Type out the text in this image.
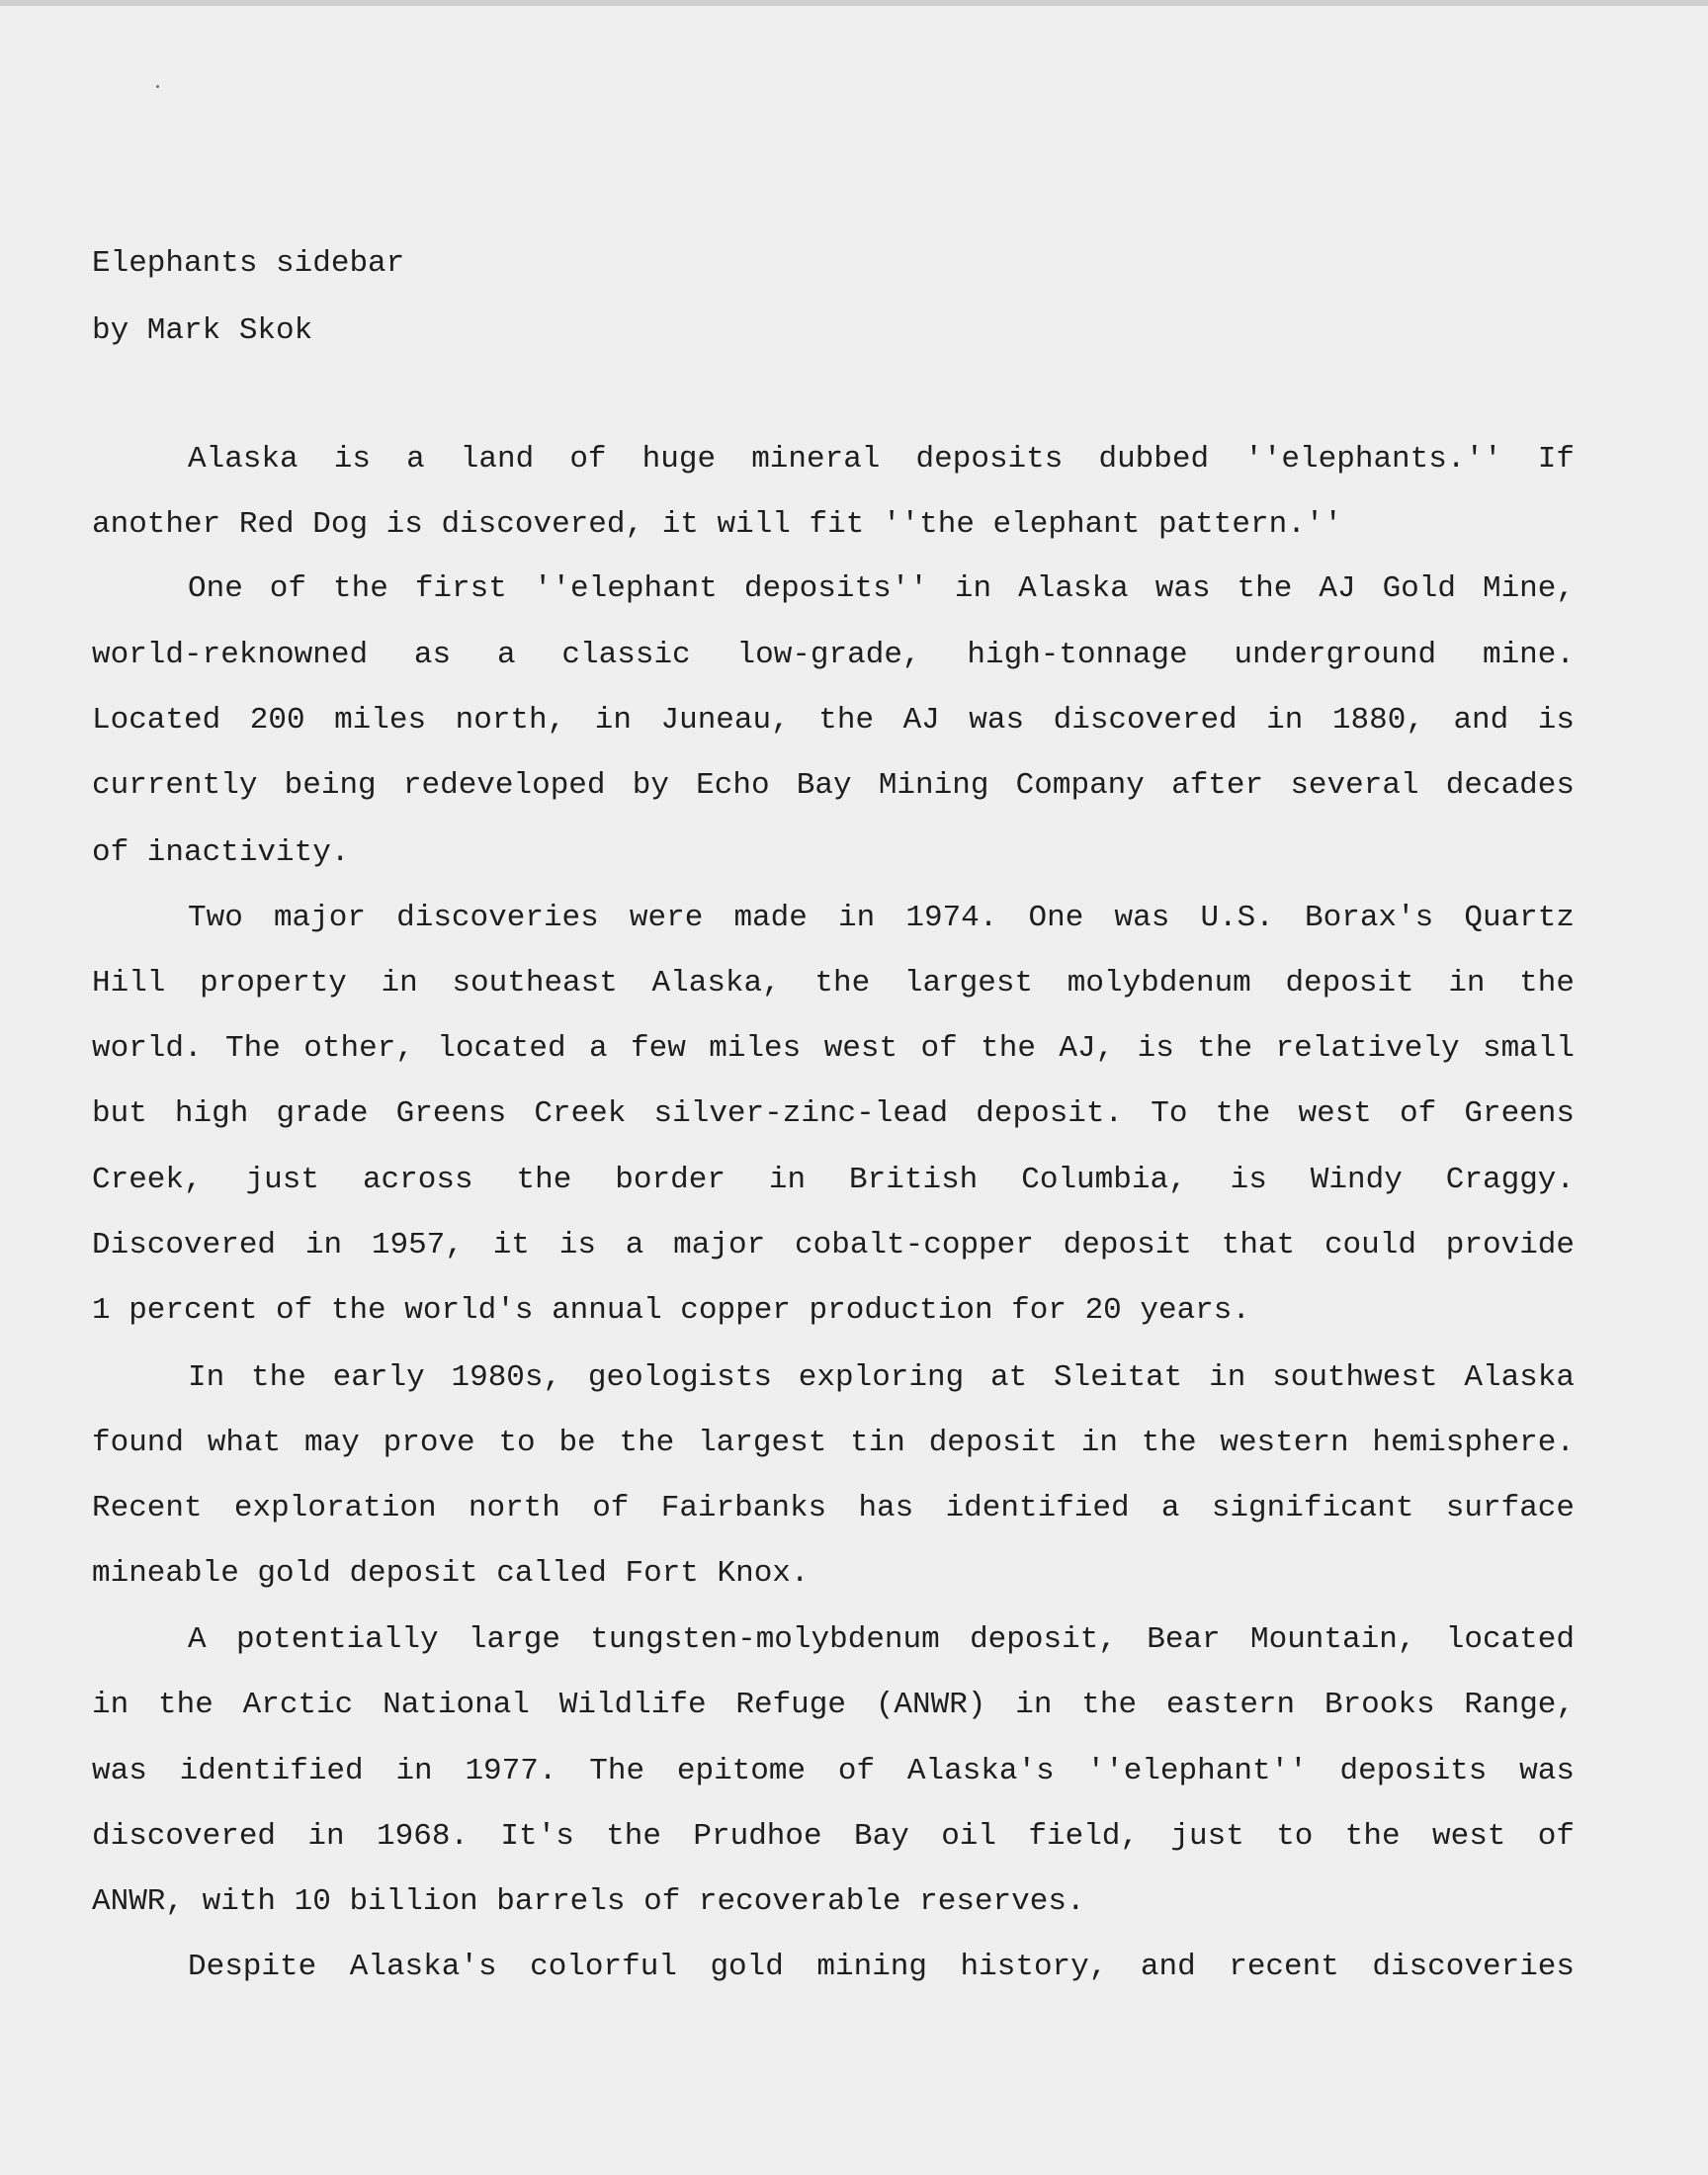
Elephants sidebar
by Mark Skok
Alaska is a land of huge mineral deposits dubbed ''elephants.'' If
another Red Dog is discovered, it will fit ''the elephant pattern.''
One of the first ''elephant deposits'' in Alaska was the AJ Gold Mine,
world-reknowned as a classic low-grade, high-tonnage underground mine.
Located 200 miles north, in Juneau, the AJ was discovered in 1880, and is
currently being redeveloped by Echo Bay Mining Company after several decades
of inactivity.
Two major discoveries were made in 1974. One was U.S. Borax's Quartz
Hill property in southeast Alaska, the largest molybdenum deposit in the
world. The other, located a few miles west of the AJ, is the relatively small
but high grade Greens Creek silver-zinc-lead deposit. To the west of Greens
Creek, just across the border in British Columbia, is Windy Craggy.
Discovered in 1957, it is a major cobalt-copper deposit that could provide
1 percent of the world's annual copper production for 20 years.
In the early 1980s, geologists exploring at Sleitat in southwest Alaska
found what may prove to be the largest tin deposit in the western hemisphere.
Recent exploration north of Fairbanks has identified a significant surface
mineable gold deposit called Fort Knox.
A potentially large tungsten-molybdenum deposit, Bear Mountain, located
in the Arctic National Wildlife Refuge (ANWR) in the eastern Brooks Range,
was identified in 1977. The epitome of Alaska's ''elephant'' deposits was
discovered in 1968. It's the Prudhoe Bay oil field, just to the west of
ANWR, with 10 billion barrels of recoverable reserves.
Despite Alaska's colorful gold mining history, and recent discoveries
